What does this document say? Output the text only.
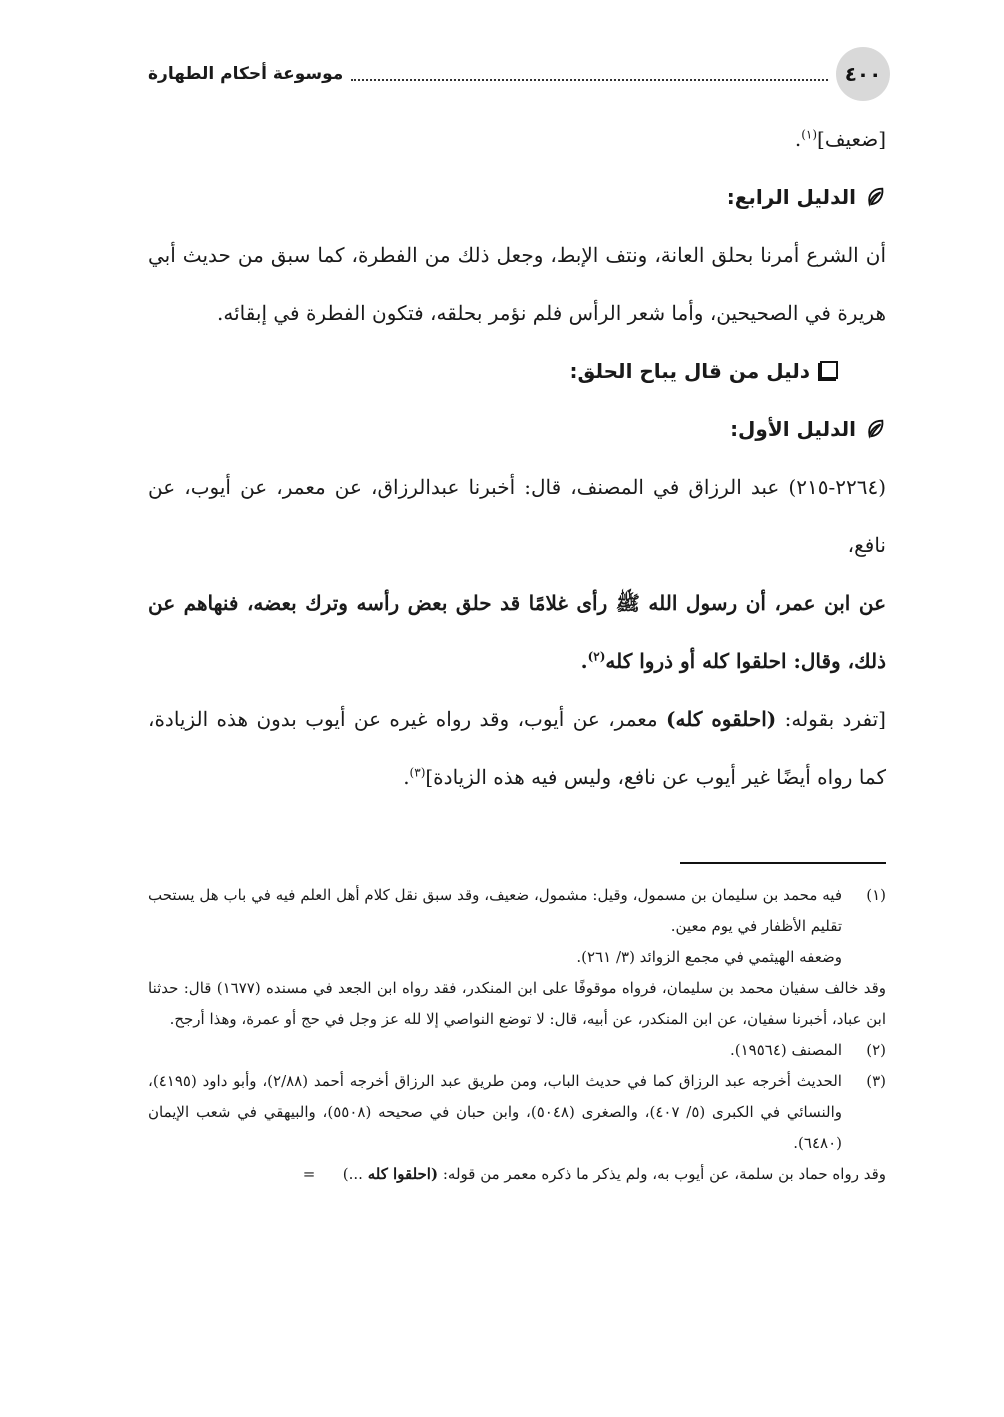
٤٠٠
موسوعة أحكام الطهارة

[ضعيف]$^{(١)}$.

الدليل الرابع:

أن الشرع أمرنا بحلق العانة، ونتف الإبط، وجعل ذلك من الفطرة، كما سبق من حديث أبي هريرة في الصحيحين، وأما شعر الرأس فلم نؤمر بحلقه، فتكون الفطرة في إبقائه.

دليل من قال يباح الحلق:

الدليل الأول:

(٢٢٦٤-٢١٥) عبد الرزاق في المصنف، قال: أخبرنا عبدالرزاق، عن معمر، عن أيوب، عن نافع،

عن ابن عمر، أن رسول الله ﷺ رأى غلامًا قد حلق بعض رأسه وترك بعضه، فنهاهم عن ذلك، وقال: احلقوا كله أو ذروا كله$^{(٢)}$.

[تفرد بقوله: (احلقوه كله) معمر، عن أيوب، وقد رواه غيره عن أيوب بدون هذه الزيادة، كما رواه أيضًا غير أيوب عن نافع، وليس فيه هذه الزيادة]$^{(٣)}$.

(١)
فيه محمد بن سليمان بن مسمول، وقيل: مشمول، ضعيف، وقد سبق نقل كلام أهل العلم فيه في باب هل يستحب تقليم الأظفار في يوم معين.
وضعفه الهيثمي في مجمع الزوائد (٣/ ٢٦١).
وقد خالف سفيان محمد بن سليمان، فرواه موقوفًا على ابن المنكدر، فقد رواه ابن الجعد في مسنده (١٦٧٧) قال: حدثنا ابن عباد، أخبرنا سفيان، عن ابن المنكدر، عن أبيه، قال: لا توضع النواصي إلا لله عز وجل في حج أو عمرة، وهذا أرجح.
(٢)
المصنف (١٩٥٦٤).
(٣)
الحديث أخرجه عبد الرزاق كما في حديث الباب، ومن طريق عبد الرزاق أخرجه أحمد (٢/٨٨)، وأبو داود (٤١٩٥)، والنسائي في الكبرى (٥/ ٤٠٧)، والصغرى (٥٠٤٨)، وابن حبان في صحيحه (٥٥٠٨)، والبيهقي في شعب الإيمان (٦٤٨٠).
وقد رواه حماد بن سلمة، عن أيوب به، ولم يذكر ما ذكره معمر من قوله: (احلقوا كله ...)=
